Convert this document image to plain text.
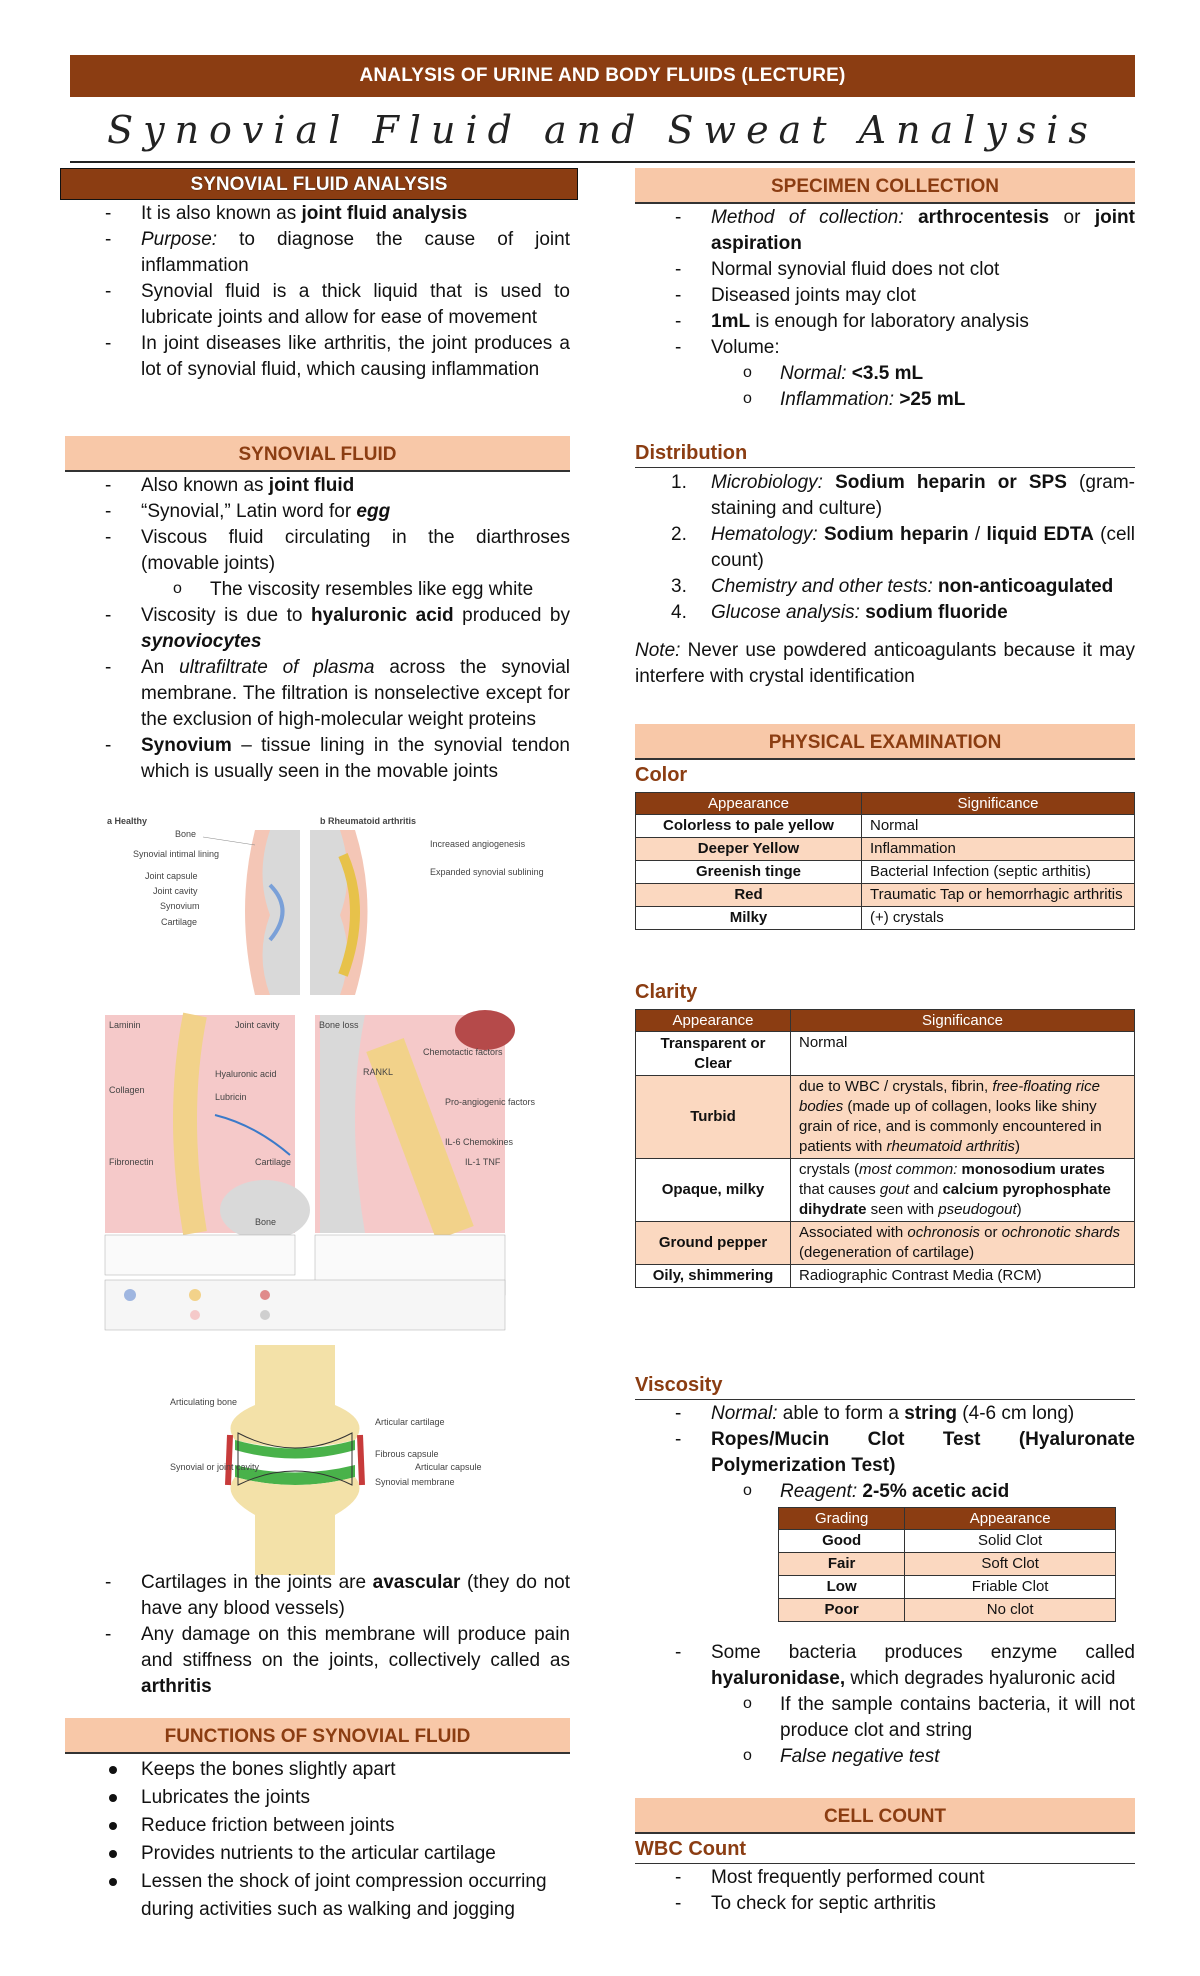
ANALYSIS OF URINE AND BODY FLUIDS (LECTURE)
Synovial Fluid and Sweat Analysis
SYNOVIAL FLUID ANALYSIS
- It is also known as joint fluid analysis
- Purpose: to diagnose the cause of joint inflammation
- Synovial fluid is a thick liquid that is used to lubricate joints and allow for ease of movement
- In joint diseases like arthritis, the joint produces a lot of synovial fluid, which causing inflammation
SYNOVIAL FLUID
- Also known as joint fluid
- “Synovial,” Latin word for egg
- Viscous fluid circulating in the diarthroses (movable joints)
o The viscosity resembles like egg white
- Viscosity is due to hyaluronic acid produced by synoviocytes
- An ultrafiltrate of plasma across the synovial membrane. The filtration is nonselective except for the exclusion of high-molecular weight proteins
- Synovium – tissue lining in the synovial tendon which is usually seen in the movable joints
a Healthy	b Rheumatoid arthritis
Bone
Synovial intimal lining
Joint capsule
Joint cavity
Synovium
Cartilage
Increased angiogenesis
Expanded synovial sublining
Laminin
Collagen
Fibronectin
Hyaluronic acid
Lubricin
Joint cavity
Cartilage
Bone
Bone loss
RANKL
Chemotactic factors
Pro-angiogenic factors
IL-6 Chemokines
IL-1 TNF
Articulating bone
Synovial or joint cavity
Articular cartilage
Fibrous capsule
Synovial membrane
Articular capsule
- Cartilages in the joints are avascular (they do not have any blood vessels)
- Any damage on this membrane will produce pain and stiffness on the joints, collectively called as arthritis
FUNCTIONS OF SYNOVIAL FLUID
Keeps the bones slightly apart
Lubricates the joints
Reduce friction between joints
Provides nutrients to the articular cartilage
Lessen the shock of joint compression occurring during activities such as walking and jogging
SPECIMEN COLLECTION
- Method of collection: arthrocentesis or joint aspiration
- Normal synovial fluid does not clot
- Diseased joints may clot
- 1mL is enough for laboratory analysis
- Volume:
o Normal: <3.5 mL
o Inflammation: >25 mL
Distribution
1. Microbiology: Sodium heparin or SPS (gram-staining and culture)
2. Hematology: Sodium heparin / liquid EDTA (cell count)
3. Chemistry and other tests: non-anticoagulated
4. Glucose analysis: sodium fluoride

Note: Never use powdered anticoagulants because it may interfere with crystal identification

PHYSICAL EXAMINATION
Color
Appearance	Significance
Colorless to pale yellow	Normal
Deeper Yellow	Inflammation
Greenish tinge	Bacterial Infection (septic arthitis)
Red	Traumatic Tap or hemorrhagic arthritis
Milky	(+) crystals
Clarity
Appearance	Significance
Transparent or Clear	Normal
Turbid	due to WBC / crystals, fibrin, free-floating rice bodies (made up of collagen, looks like shiny grain of rice, and is commonly encountered in patients with rheumatoid arthritis)
Opaque, milky	crystals (most common: monosodium urates that causes gout and calcium pyrophosphate dihydrate seen with pseudogout)
Ground pepper	Associated with ochronosis or ochronotic shards (degeneration of cartilage)
Oily, shimmering	Radiographic Contrast Media (RCM)
Viscosity
- Normal: able to form a string (4-6 cm long)
- Ropes/Mucin Clot Test (Hyaluronate Polymerization Test)
o Reagent: 2-5% acetic acid
Grading	Appearance
Good	Solid Clot
Fair	Soft Clot
Low	Friable Clot
Poor	No clot
- Some bacteria produces enzyme called hyaluronidase, which degrades hyaluronic acid
o If the sample contains bacteria, it will not produce clot and string
o False negative test
CELL COUNT
WBC Count
- Most frequently performed count
- To check for septic arthritis
